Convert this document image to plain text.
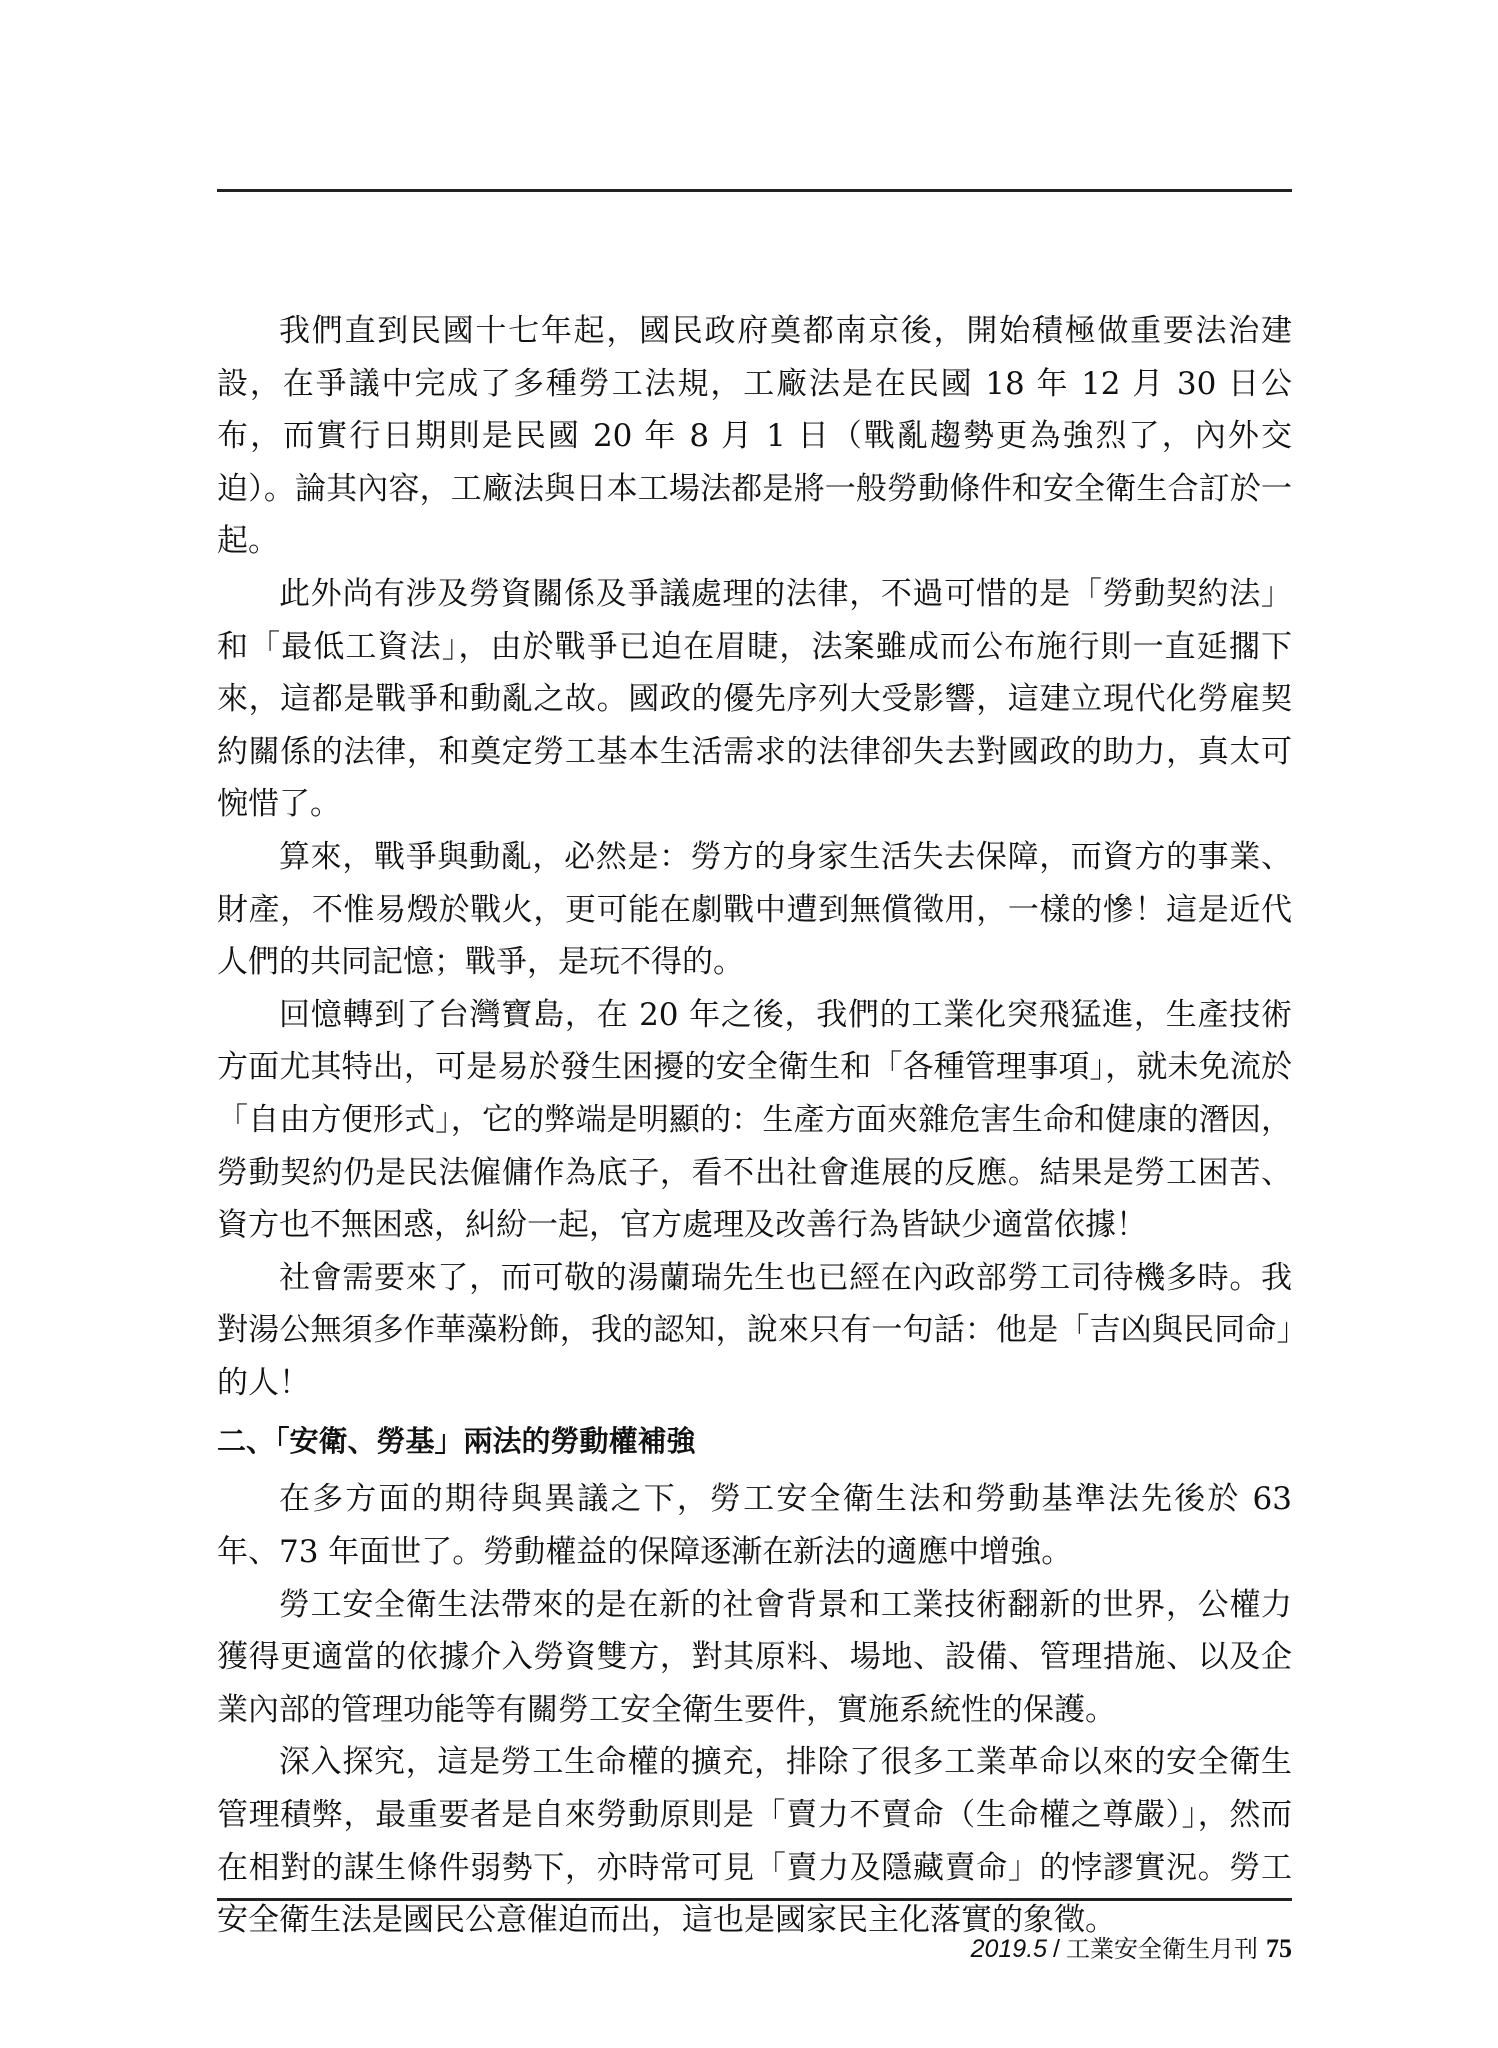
我們直到民國十七年起，國民政府奠都南京後，開始積極做重要法治建設，在爭議中完成了多種勞工法規，工廠法是在民國 18 年 12 月 30 日公布，而實行日期則是民國 20 年 8 月 1 日（戰亂趨勢更為強烈了，內外交迫）。論其內容，工廠法與日本工場法都是將一般勞動條件和安全衛生合訂於一起。

此外尚有涉及勞資關係及爭議處理的法律，不過可惜的是「勞動契約法」和「最低工資法」，由於戰爭已迫在眉睫，法案雖成而公布施行則一直延擱下來，這都是戰爭和動亂之故。國政的優先序列大受影響，這建立現代化勞雇契約關係的法律，和奠定勞工基本生活需求的法律卻失去對國政的助力，真太可惋惜了。

算來，戰爭與動亂，必然是：勞方的身家生活失去保障，而資方的事業、財產，不惟易燬於戰火，更可能在劇戰中遭到無償徵用，一樣的慘！這是近代人們的共同記憶；戰爭，是玩不得的。

回憶轉到了台灣寶島，在 20 年之後，我們的工業化突飛猛進，生產技術方面尤其特出，可是易於發生困擾的安全衛生和「各種管理事項」，就未免流於「自由方便形式」，它的弊端是明顯的：生產方面夾雜危害生命和健康的潛因，勞動契約仍是民法僱傭作為底子，看不出社會進展的反應。結果是勞工困苦、資方也不無困惑，糾紛一起，官方處理及改善行為皆缺少適當依據！

社會需要來了，而可敬的湯蘭瑞先生也已經在內政部勞工司待機多時。我對湯公無須多作華藻粉飾，我的認知，說來只有一句話：他是「吉凶與民同命」的人！

二、「安衛、勞基」兩法的勞動權補強

在多方面的期待與異議之下，勞工安全衛生法和勞動基準法先後於 63 年、73 年面世了。勞動權益的保障逐漸在新法的適應中增強。

勞工安全衛生法帶來的是在新的社會背景和工業技術翻新的世界，公權力獲得更適當的依據介入勞資雙方，對其原料、場地、設備、管理措施、以及企業內部的管理功能等有關勞工安全衛生要件，實施系統性的保護。

深入探究，這是勞工生命權的擴充，排除了很多工業革命以來的安全衛生管理積弊，最重要者是自來勞動原則是「賣力不賣命（生命權之尊嚴）」，然而在相對的謀生條件弱勢下，亦時常可見「賣力及隱藏賣命」的悖謬實況。勞工安全衛生法是國民公意催迫而出，這也是國家民主化落實的象徵。

2019.5 / 工業安全衛生月刊 75
